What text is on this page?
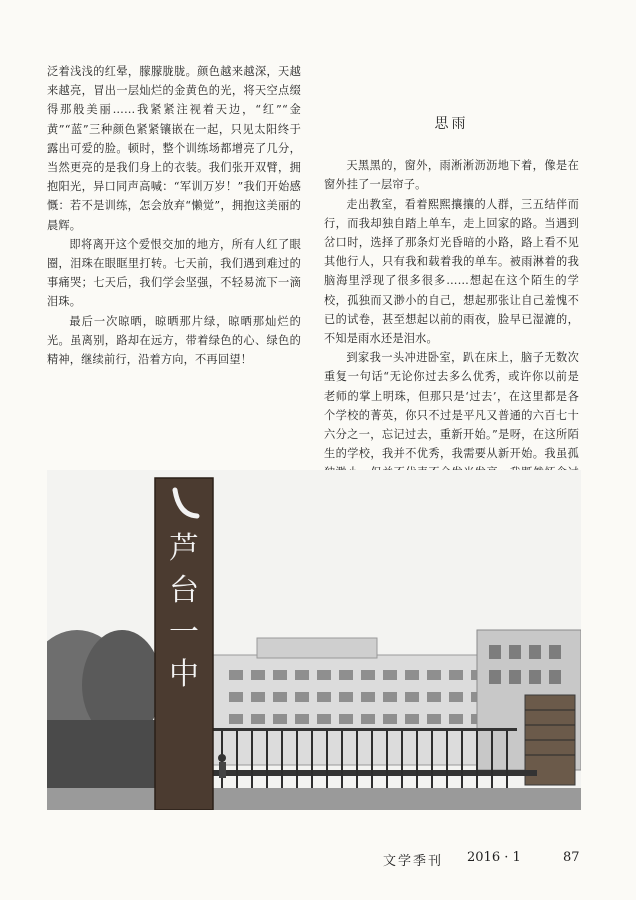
泛着浅浅的红晕，朦朦胧胧。颜色越来越深，天越来越亮，冒出一层灿烂的金黄色的光，将天空点缀得那般美丽……我紧紧注视着天边，“红”“金黄”“蓝”三种颜色紧紧镶嵌在一起，只见太阳终于露出可爱的脸。顿时，整个训练场都增亮了几分，当然更亮的是我们身上的衣装。我们张开双臂，拥抱阳光，异口同声高喊：“军训万岁！”我们开始感慨：若不是训练，怎会放弃“懒觉”，拥抱这美丽的晨辉。

即将离开这个爱恨交加的地方，所有人红了眼圈，泪珠在眼眶里打转。七天前，我们遇到难过的事痛哭；七天后，我们学会坚强，不轻易流下一滴泪珠。

最后一次晾晒，晾晒那片绿，晾晒那灿烂的光。虽离别，路却在远方，带着绿色的心、绿色的精神，继续前行，沿着方向，不再回望！

思雨

天黑黑的，窗外，雨淅淅沥沥地下着，像是在窗外挂了一层帘子。

走出教室，看着熙熙攘攘的人群，三五结伴而行，而我却独自踏上单车，走上回家的路。当遇到岔口时，选择了那条灯光昏暗的小路，路上看不见其他行人，只有我和载着我的单车。被雨淋着的我脑海里浮现了很多很多……想起在这个陌生的学校，孤独而又渺小的自己，想起那张让自己羞愧不已的试卷，甚至想起以前的雨夜，脸早已湿漉的，不知是雨水还是泪水。

到家我一头冲进卧室，趴在床上，脑子无数次重复一句话“无论你过去多么优秀，或许你以前是老师的掌上明珠，但那只是‘过去’，在这里都是各个学校的菁英，你只不过是平凡又普通的六百七十六分之一，忘记过去，重新开始。”是呀，在这所陌生的学校，我并不优秀，我需要从新开始。我虽孤

芦
台
一
中
文学季刊 2016 · 1	87
